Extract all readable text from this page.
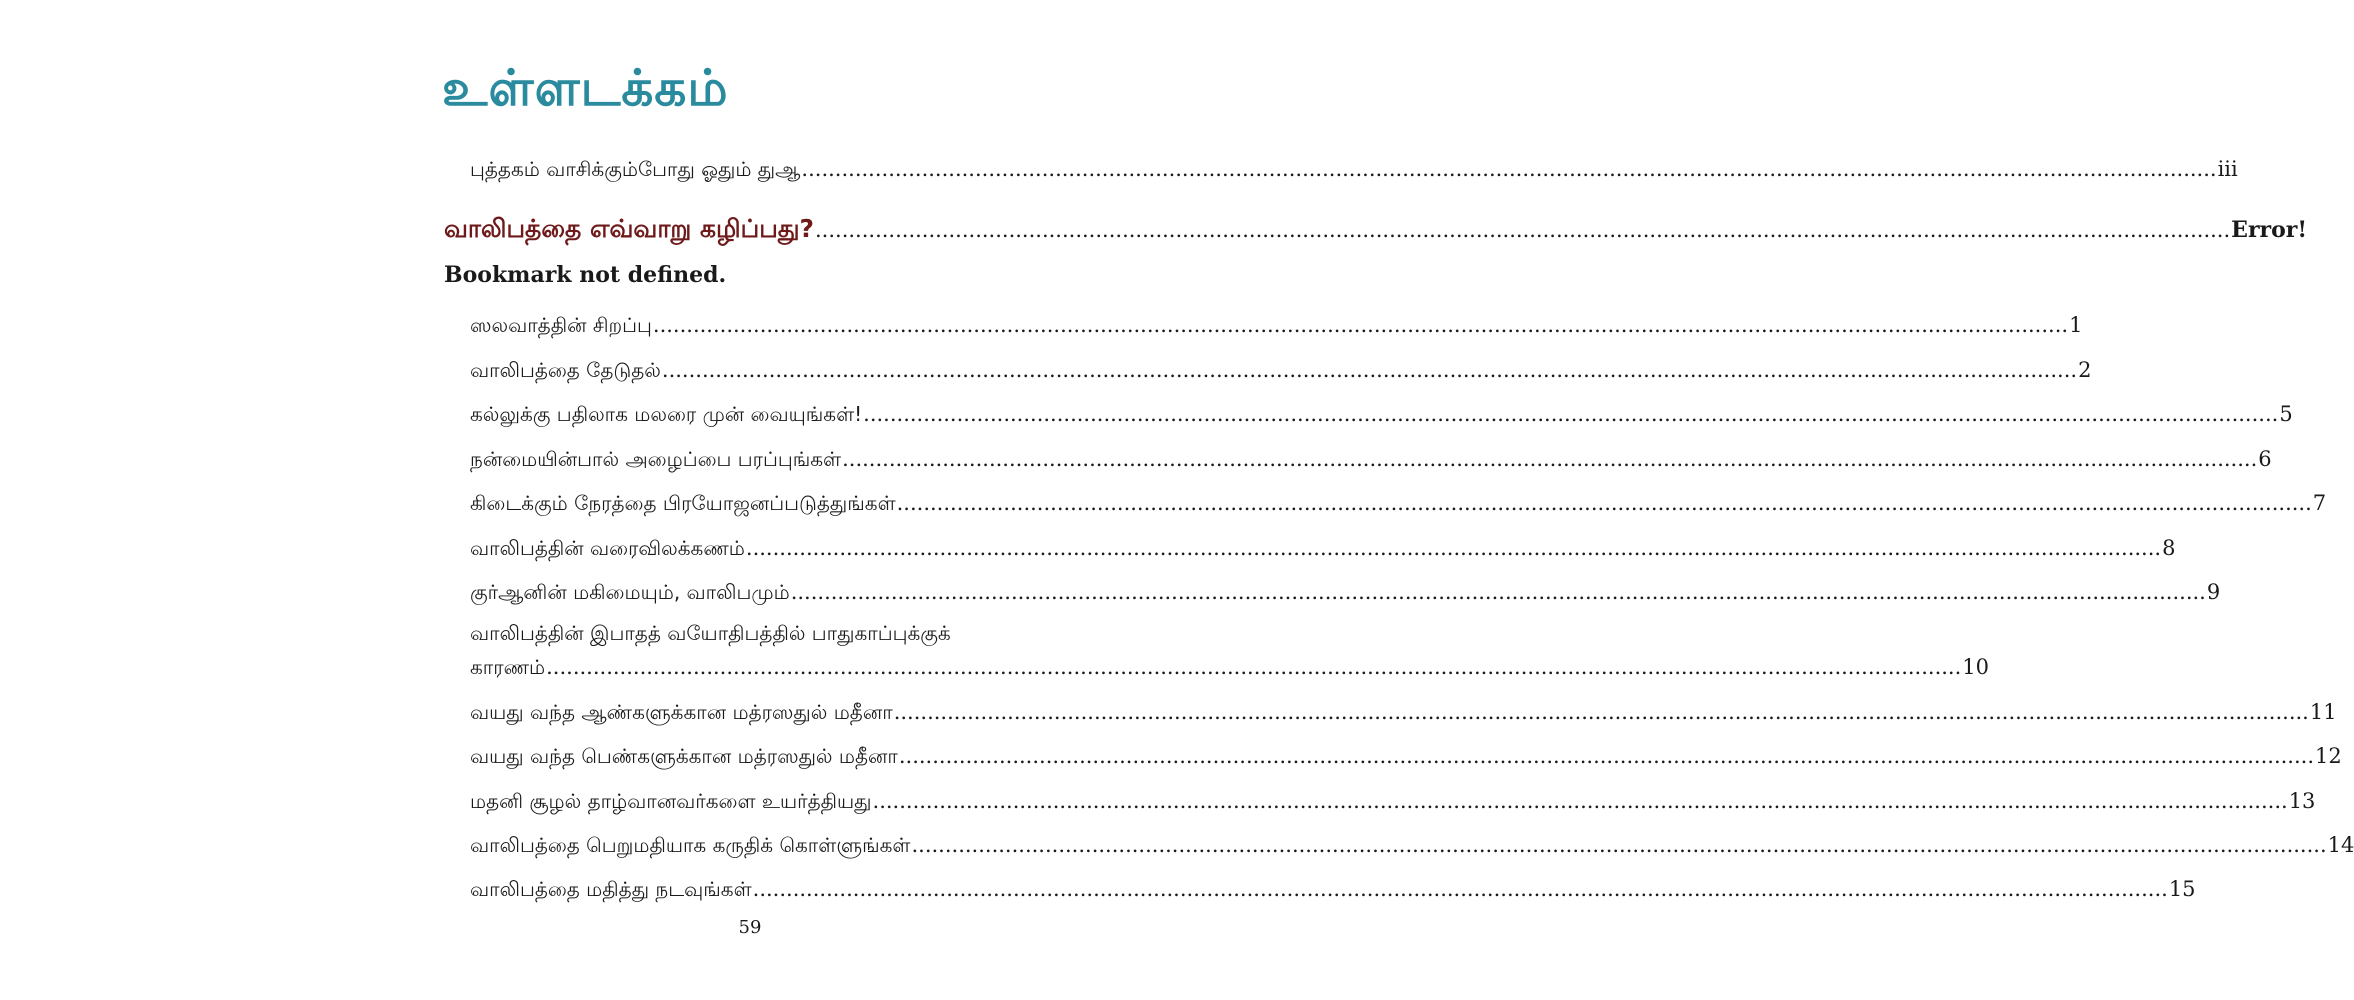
உள்ளடக்கம்
புத்தகம் வாசிக்கும்போது ஓதும் துஆ .....	iii
வாலிபத்தை எவ்வாறு கழிப்பது? .....	Error!
Bookmark not defined.
ஸலவாத்தின் சிறப்பு .....	1
வாலிபத்தை தேடுதல் .....	2
கல்லுக்கு பதிலாக மலரை முன் வையுங்கள்! .....	5
நன்மையின்பால் அழைப்பை பரப்புங்கள் .....	6
கிடைக்கும் நேரத்தை பிரயோஜனப்படுத்துங்கள் .....	7
வாலிபத்தின் வரைவிலக்கணம் .....	8
குர்ஆனின் மகிமையும், வாலிபமும் .....	9
வாலிபத்தின் இபாதத் வயோதிபத்தில் பாதுகாப்புக்குக்
காரணம் .....	10
வயது வந்த ஆண்களுக்கான மத்ரஸதுல் மதீனா .....	11
வயது வந்த பெண்களுக்கான மத்ரஸதுல் மதீனா .....	12
மதனி சூழல் தாழ்வானவர்களை உயர்த்தியது .....	13
வாலிபத்தை பெறுமதியாக கருதிக் கொள்ளுங்கள் .....	14
வாலிபத்தை மதித்து நடவுங்கள் .....	15
59
